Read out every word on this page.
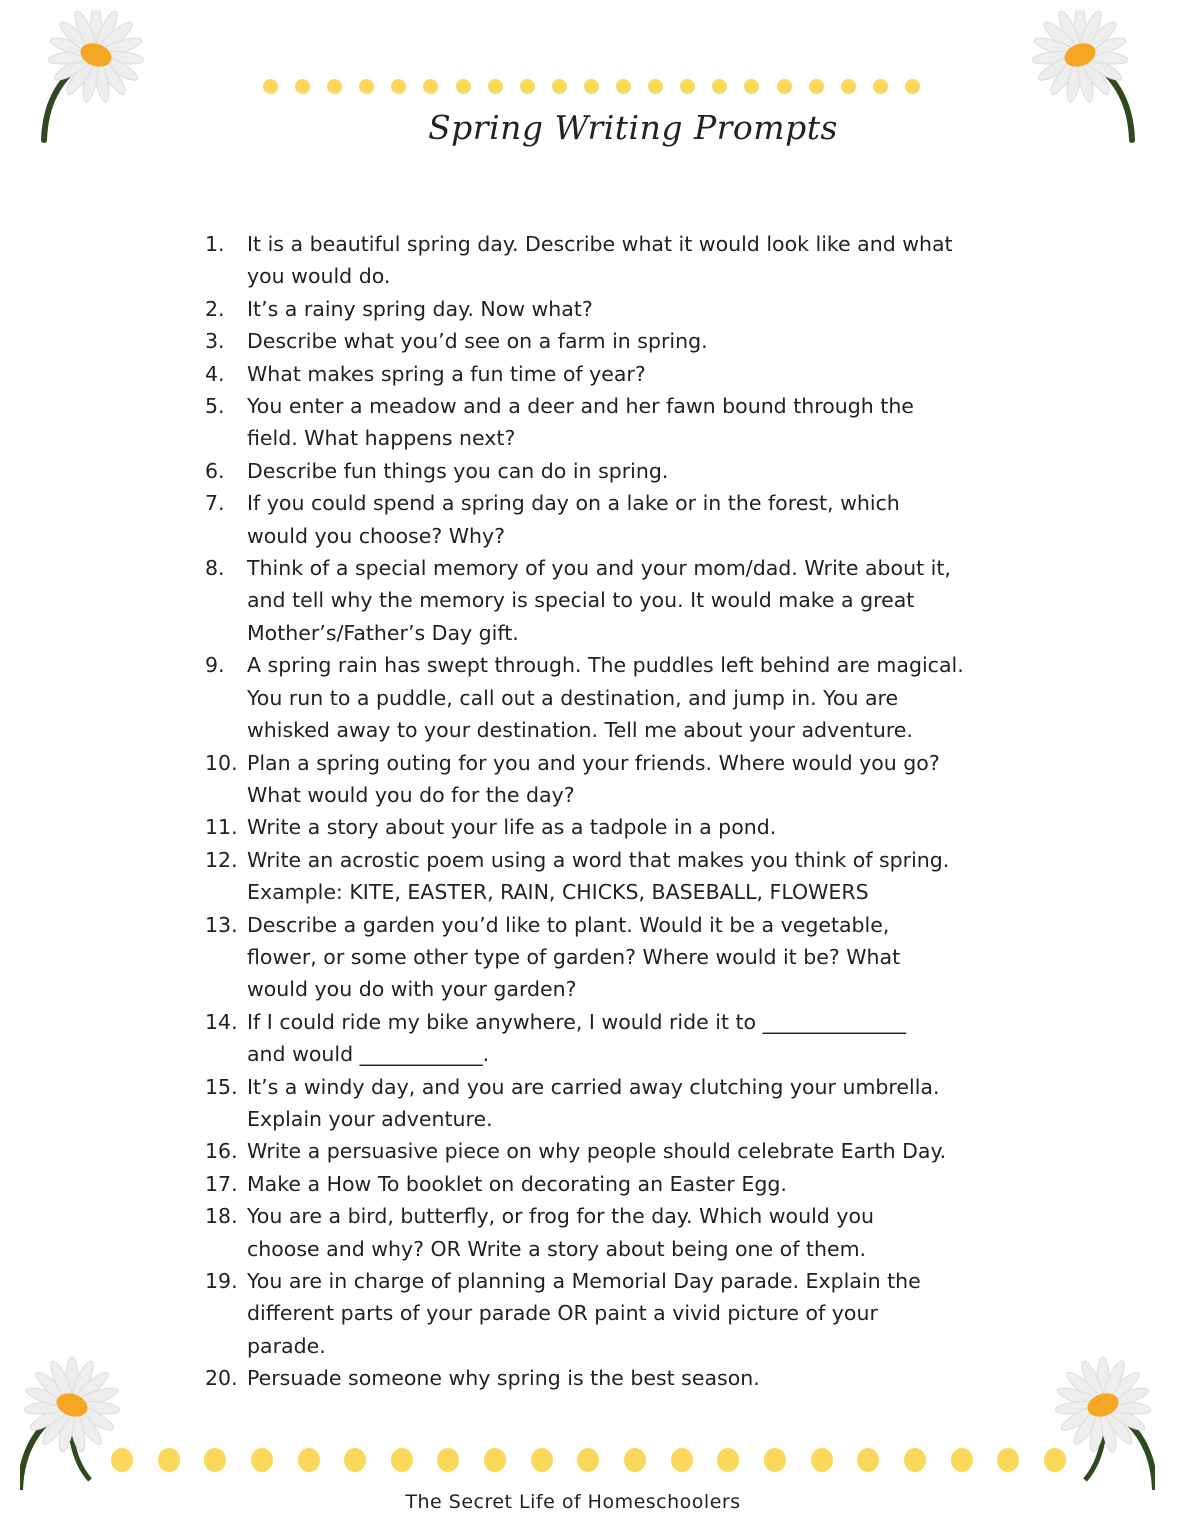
Spring Writing Prompts
1.	It is a beautiful spring day. Describe what it would look like and what
you would do.
2.	It’s a rainy spring day. Now what?
3.	Describe what you’d see on a farm in spring.
4.	What makes spring a fun time of year?
5.	You enter a meadow and a deer and her fawn bound through the
field. What happens next?
6.	Describe fun things you can do in spring.
7.	If you could spend a spring day on a lake or in the forest, which
would you choose? Why?
8.	Think of a special memory of you and your mom/dad. Write about it,
and tell why the memory is special to you. It would make a great
Mother’s/Father’s Day gift.
9.	A spring rain has swept through. The puddles left behind are magical.
You run to a puddle, call out a destination, and jump in. You are
whisked away to your destination. Tell me about your adventure.
10. Plan a spring outing for you and your friends. Where would you go?
What would you do for the day?
11. Write a story about your life as a tadpole in a pond.
12. Write an acrostic poem using a word that makes you think of spring.
Example: KITE, EASTER, RAIN, CHICKS, BASEBALL, FLOWERS
13. Describe a garden you’d like to plant. Would it be a vegetable,
flower, or some other type of garden? Where would it be? What
would you do with your garden?
14. If I could ride my bike anywhere, I would ride it to ______________
and would ____________.
15. It’s a windy day, and you are carried away clutching your umbrella.
Explain your adventure.
16. Write a persuasive piece on why people should celebrate Earth Day.
17. Make a How To booklet on decorating an Easter Egg.
18. You are a bird, butterfly, or frog for the day. Which would you
choose and why? OR Write a story about being one of them.
19. You are in charge of planning a Memorial Day parade. Explain the
different parts of your parade OR paint a vivid picture of your
parade.
20. Persuade someone why spring is the best season.
The Secret Life of Homeschoolers
